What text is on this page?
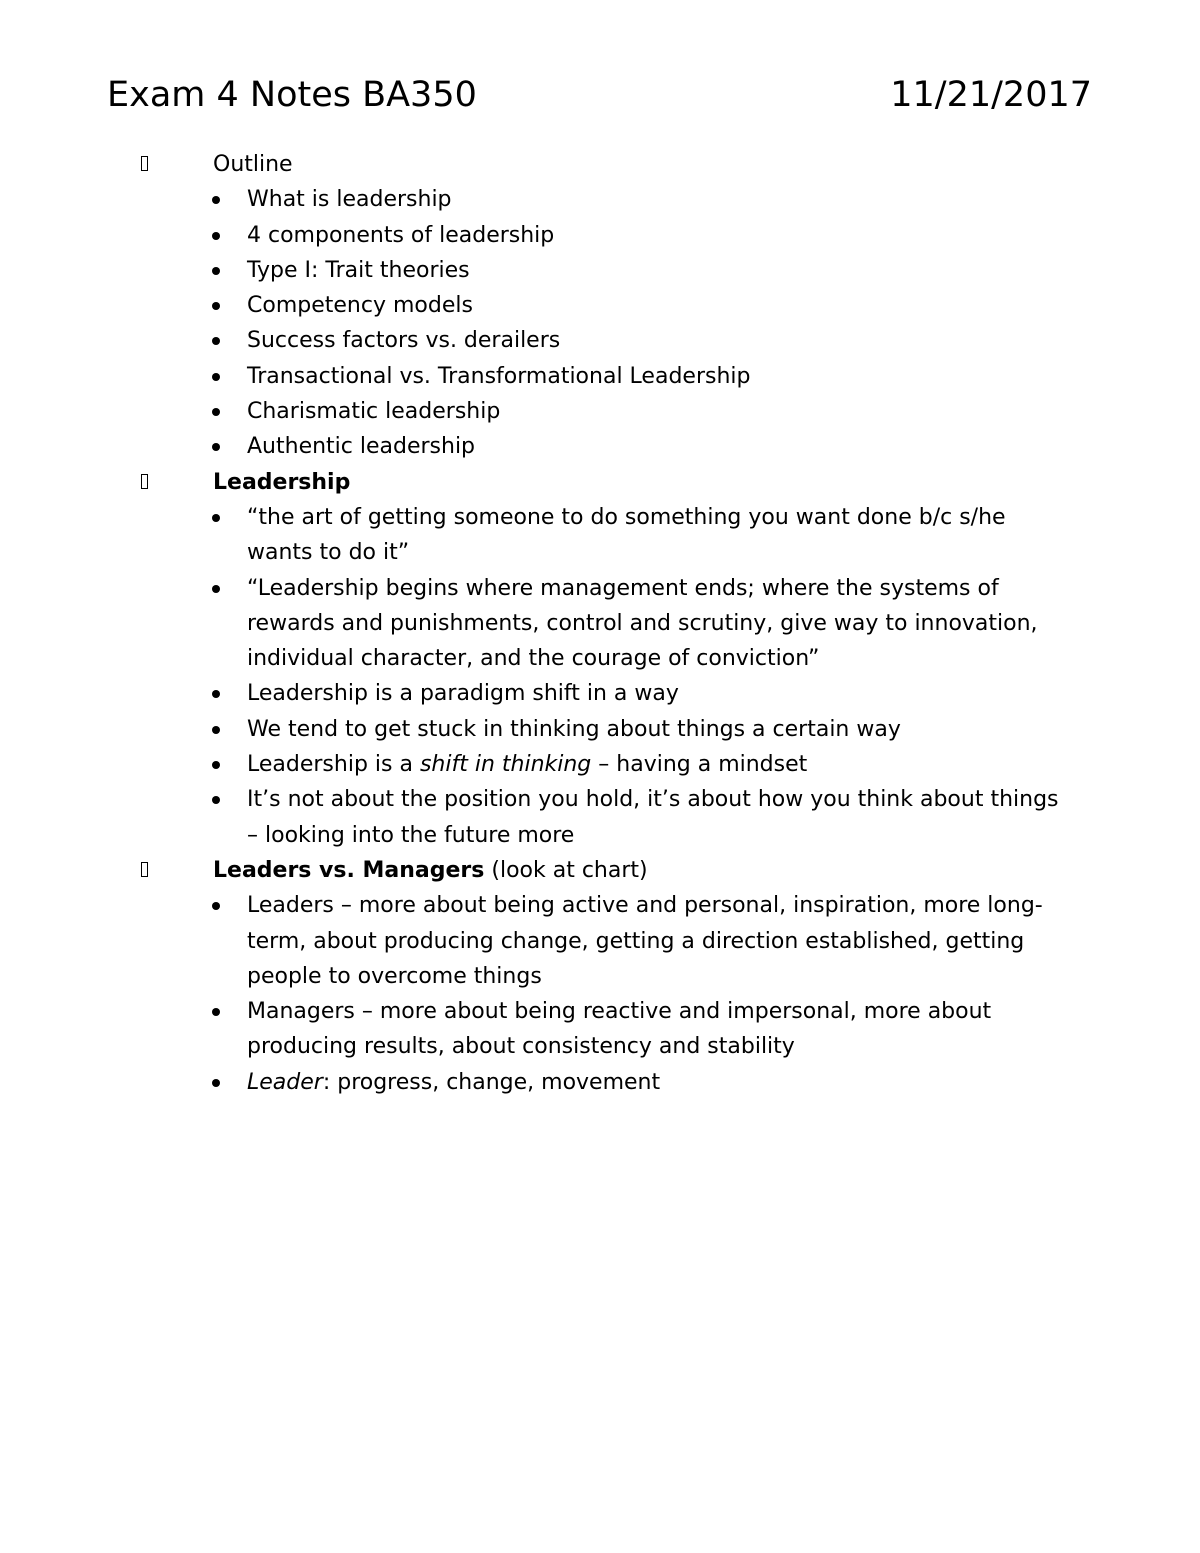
Exam 4 Notes BA350	11/21/2017
Outline
What is leadership
4 components of leadership
Type I: Trait theories
Competency models
Success factors vs. derailers
Transactional vs. Transformational Leadership
Charismatic leadership
Authentic leadership
Leadership
“the art of getting someone to do something you want done b/c s/he wants to do it”
“Leadership begins where management ends; where the systems of rewards and punishments, control and scrutiny, give way to innovation, individual character, and the courage of conviction”
Leadership is a paradigm shift in a way
We tend to get stuck in thinking about things a certain way
Leadership is a shift in thinking – having a mindset
It’s not about the position you hold, it’s about how you think about things – looking into the future more
Leaders vs. Managers (look at chart)
Leaders – more about being active and personal, inspiration, more long-term, about producing change, getting a direction established, getting people to overcome things
Managers – more about being reactive and impersonal, more about producing results, about consistency and stability
Leader: progress, change, movement
